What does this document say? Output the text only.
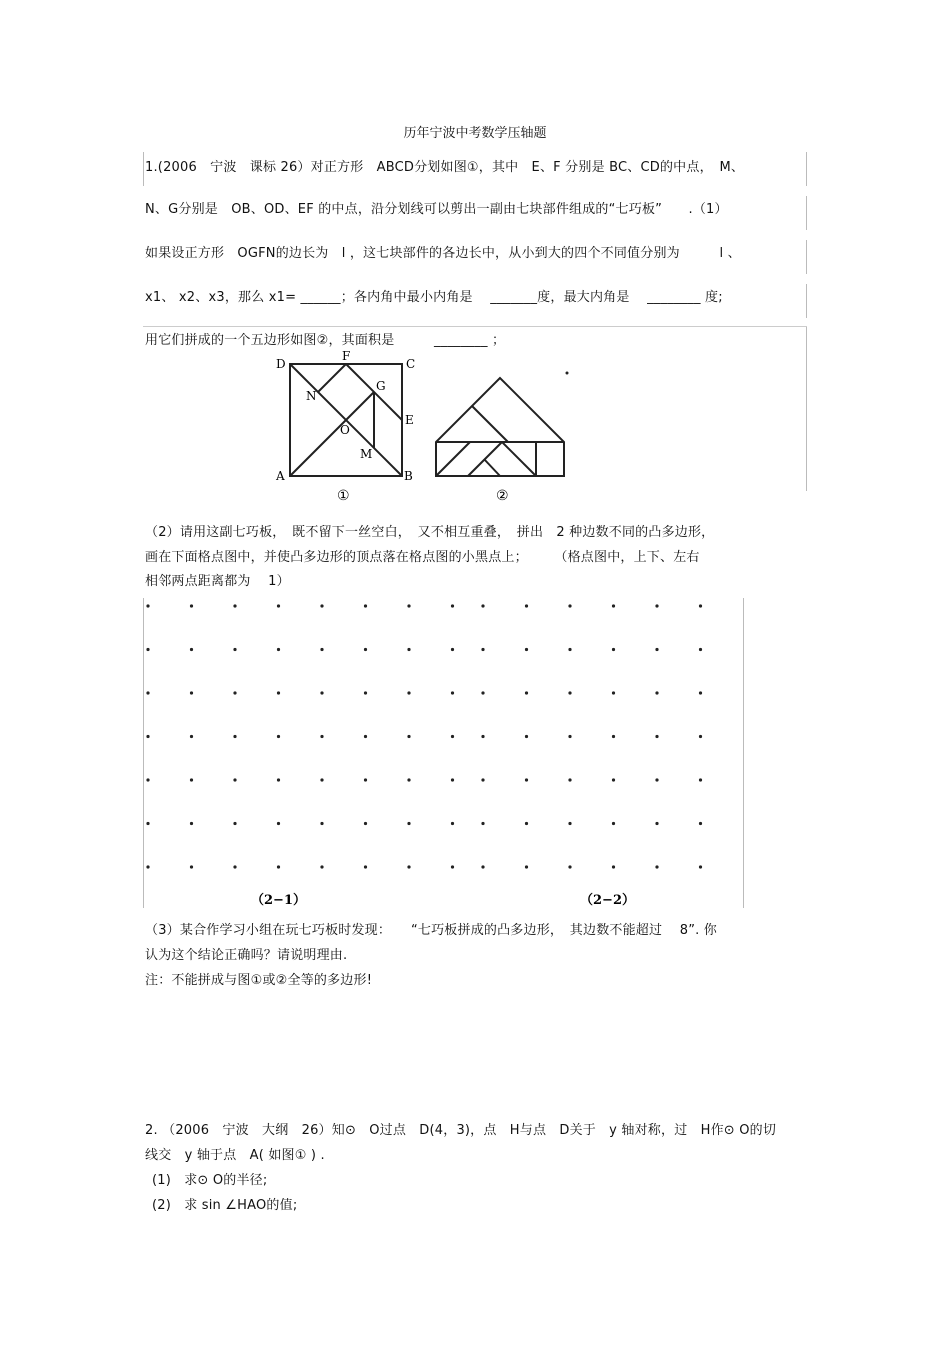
历年宁波中考数学压轴题
1.(2006　宁波　课标 26）对正方形　ABCD分划如图①，其中　E、F 分别是 BC、CD的中点，　M、
N、G分别是　OB、OD、EF 的中点，沿分划线可以剪出一副由七块部件组成的“七巧板”　　.（1）
如果设正方形　OGFN的边长为　l ，这七块部件的各边长中，从小到大的四个不同值分别为　　　l 、
x1、 x2、x3，那么 x1= ______；各内角中最小内角是　 _______度，最大内角是　 ________ 度;
用它们拼成的一个五边形如图②，其面积是　　　________ ；
D
F
C
N
G
O
E
M
A	B
①	②
（2）请用这副七巧板，　既不留下一丝空白，　又不相互重叠，　拼出　2 种边数不同的凸多边形，
画在下面格点图中，并使凸多边形的顶点落在格点图的小黑点上；　　　（格点图中，上下、左右
相邻两点距离都为　 1）
（2−1）	（2−2）
（3）某合作学习小组在玩七巧板时发现：　　“七巧板拼成的凸多边形，　其边数不能超过　 8”. 你
认为这个结论正确吗？请说明理由.
注：不能拼成与图①或②全等的多边形!
2. （2006　宁波　大纲　26）知⊙　O过点　D(4，3)，点　H与点　D关于　y 轴对称，过　H作⊙ O的切
线交　y 轴于点　A( 如图① ) .
(1)　求⊙ O的半径;
(2)　求 sin ∠HAO的值;
